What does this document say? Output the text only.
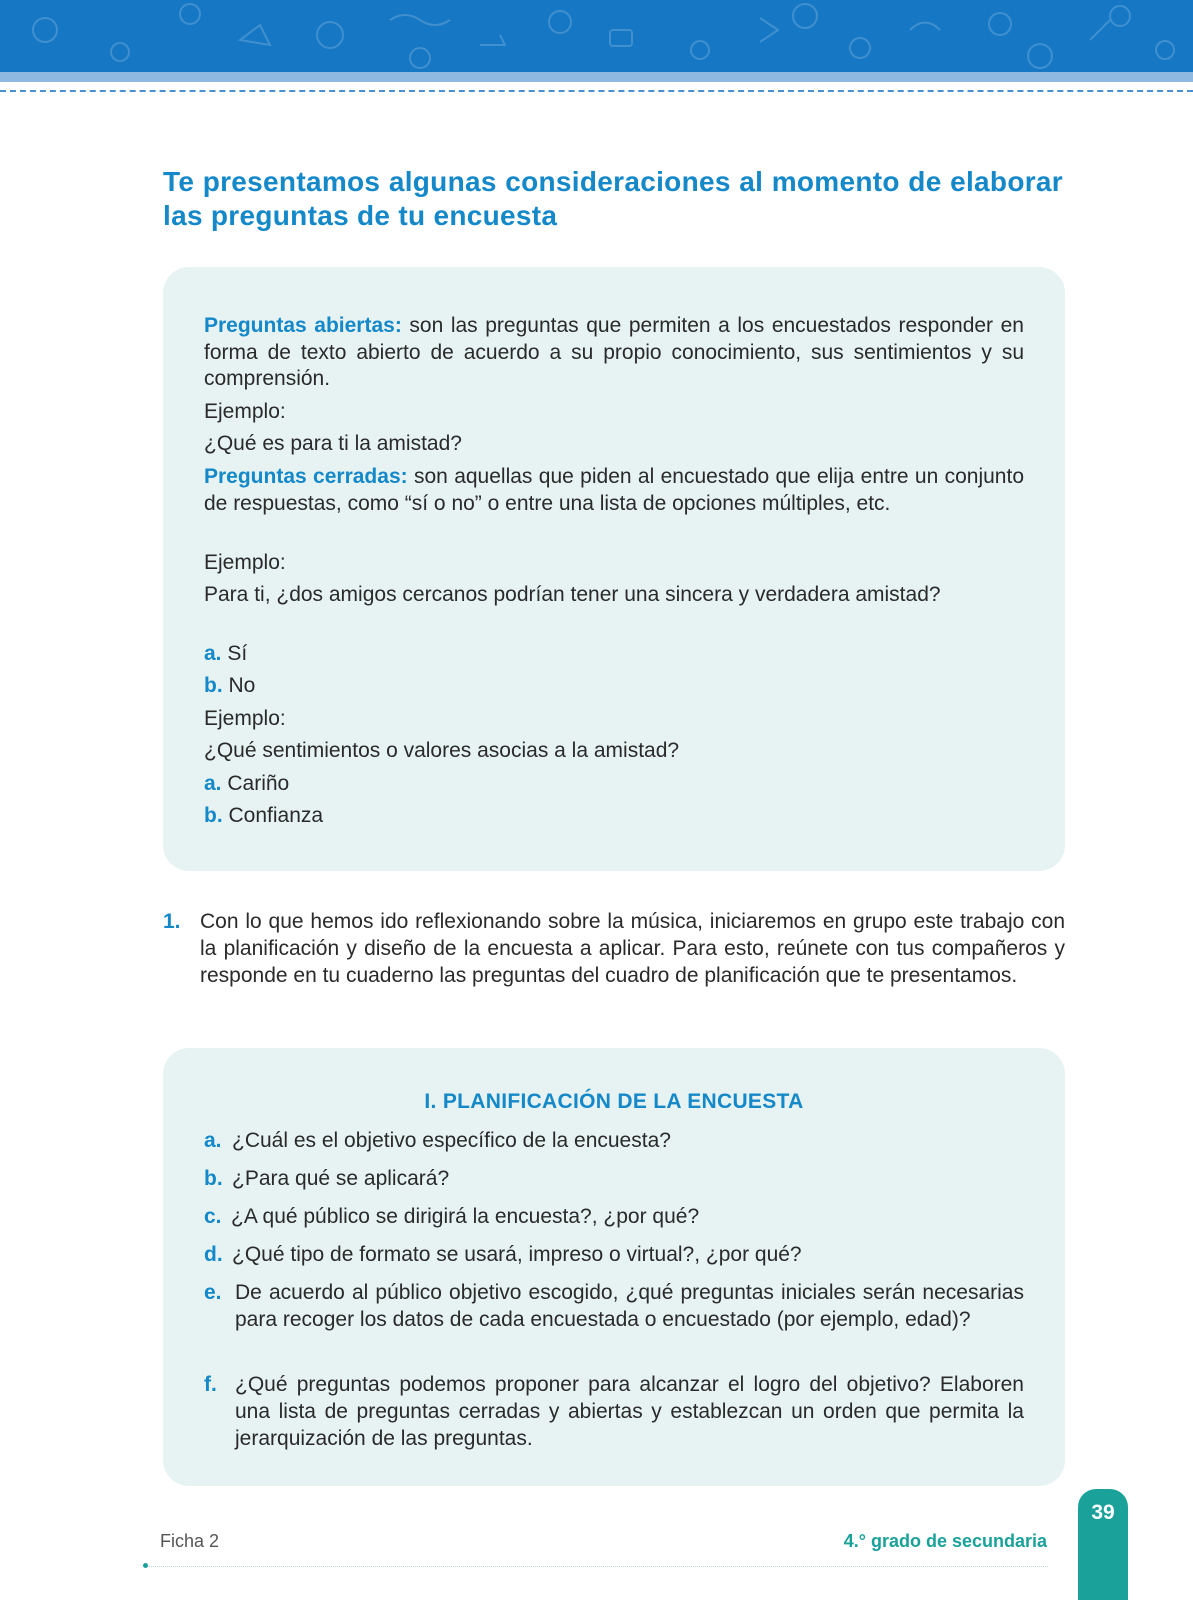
Te presentamos algunas consideraciones al momento de elaborar las preguntas de tu encuesta
Preguntas abiertas: son las preguntas que permiten a los encuestados responder en forma de texto abierto de acuerdo a su propio conocimiento, sus sentimientos y su comprensión.
Ejemplo:
¿Qué es para ti la amistad?
Preguntas cerradas: son aquellas que piden al encuestado que elija entre un conjunto de respuestas, como “sí o no” o entre una lista de opciones múltiples, etc.
Ejemplo:
Para ti, ¿dos amigos cercanos podrían tener una sincera y verdadera amistad?
a. Sí
b. No
Ejemplo:
¿Qué sentimientos o valores asocias a la amistad?
a. Cariño
b. Confianza
1. Con lo que hemos ido reflexionando sobre la música, iniciaremos en grupo este trabajo con la planificación y diseño de la encuesta a aplicar. Para esto, reúnete con tus compañeros y responde en tu cuaderno las preguntas del cuadro de planificación que te presentamos.
I. PLANIFICACIÓN DE LA ENCUESTA
a. ¿Cuál es el objetivo específico de la encuesta?
b. ¿Para qué se aplicará?
c. ¿A qué público se dirigirá la encuesta?, ¿por qué?
d. ¿Qué tipo de formato se usará, impreso o virtual?, ¿por qué?
e. De acuerdo al público objetivo escogido, ¿qué preguntas iniciales serán necesarias para recoger los datos de cada encuestada o encuestado (por ejemplo, edad)?
f. ¿Qué preguntas podemos proponer para alcanzar el logro del objetivo? Elaboren una lista de preguntas cerradas y abiertas y establezcan un orden que permita la jerarquización de las preguntas.
Ficha 2	4.° grado de secundaria
39
